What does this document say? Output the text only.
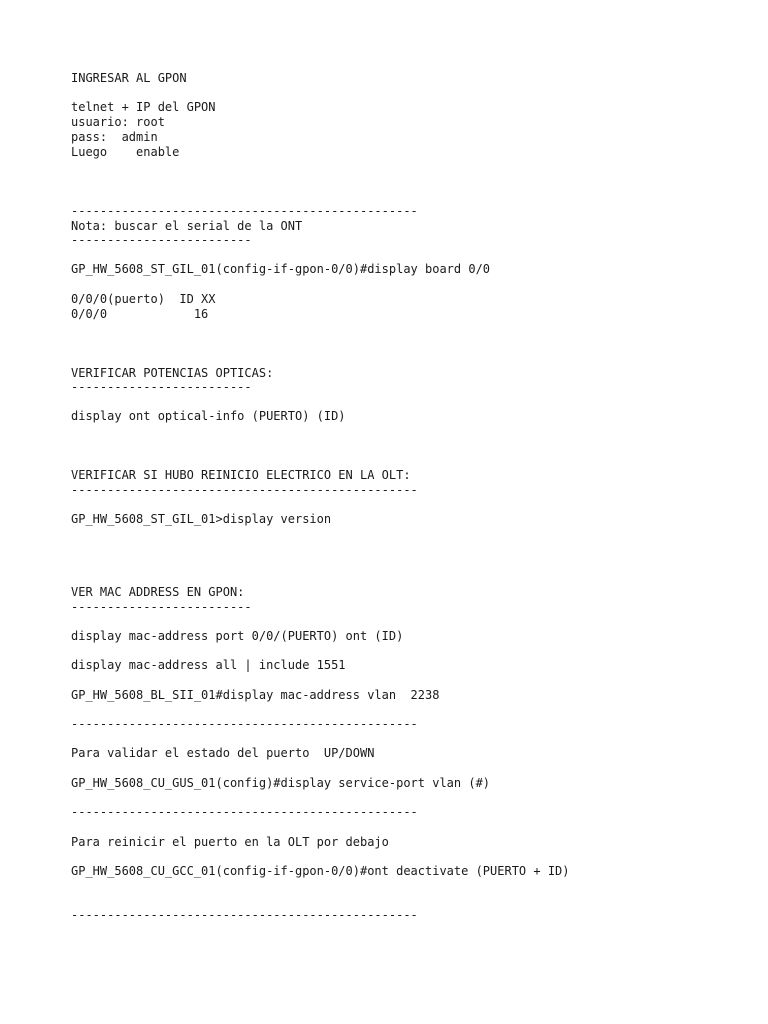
INGRESAR AL GPON

telnet + IP del GPON

usuario: root

pass:  admin

Luego    enable

------------------------------------------------

Nota: buscar el serial de la ONT

-------------------------

GP_HW_5608_ST_GIL_01(config-if-gpon-0/0)#display board 0/0

0/0/0(puerto)  ID XX

0/0/0            16

VERIFICAR POTENCIAS OPTICAS:

-------------------------

display ont optical-info (PUERTO) (ID)

VERIFICAR SI HUBO REINICIO ELECTRICO EN LA OLT:

------------------------------------------------

GP_HW_5608_ST_GIL_01>display version

VER MAC ADDRESS EN GPON:

-------------------------

display mac-address port 0/0/(PUERTO) ont (ID)

display mac-address all | include 1551

GP_HW_5608_BL_SII_01#display mac-address vlan  2238

------------------------------------------------

Para validar el estado del puerto  UP/DOWN

GP_HW_5608_CU_GUS_01(config)#display service-port vlan (#)

------------------------------------------------

Para reinicir el puerto en la OLT por debajo

GP_HW_5608_CU_GCC_01(config-if-gpon-0/0)#ont deactivate (PUERTO + ID)

------------------------------------------------
